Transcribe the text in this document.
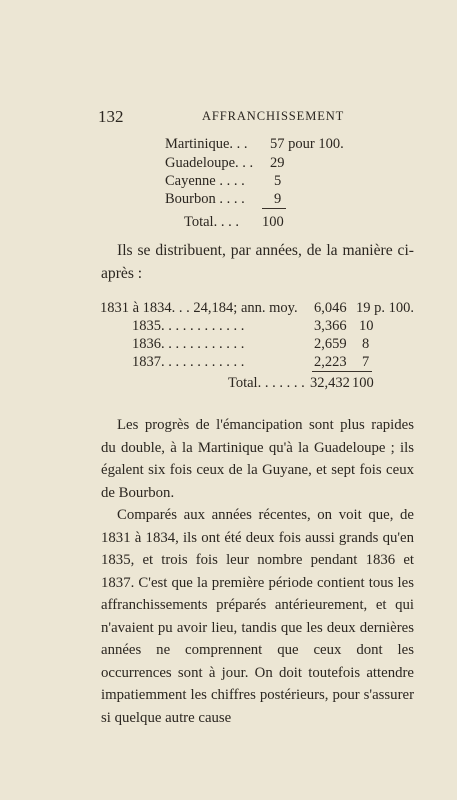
132	AFFRANCHISSEMENT
Martinique. . . 57 pour 100.
Guadeloupe. . . 29
Cayenne . . . . 5
Bourbon . . . . 9
Total. . . . 100

Ils se distribuent, par années, de la manière ci-après :

1831 à 1834. . . 24,184; ann. moy. 6,046 19 p. 100.
1835. . . . . . . . . . . .	3,366 10
1836. . . . . . . . . . . .	2,659 8
1837. . . . . . . . . . . .	2,223 7
Total. . . . . . . 32,432 100

Les progrès de l'émancipation sont plus rapides du double, à la Martinique qu'à la Guadeloupe ; ils égalent six fois ceux de la Guyane, et sept fois ceux de Bourbon.

Comparés aux années récentes, on voit que, de 1831 à 1834, ils ont été deux fois aussi grands qu'en 1835, et trois fois leur nombre pendant 1836 et 1837. C'est que la première période contient tous les affranchissements préparés antérieurement, et qui n'avaient pu avoir lieu, tandis que les deux dernières années ne comprennent que ceux dont les occurrences sont à jour. On doit toutefois attendre impatiemment les chiffres postérieurs, pour s'assurer si quelque autre cause
